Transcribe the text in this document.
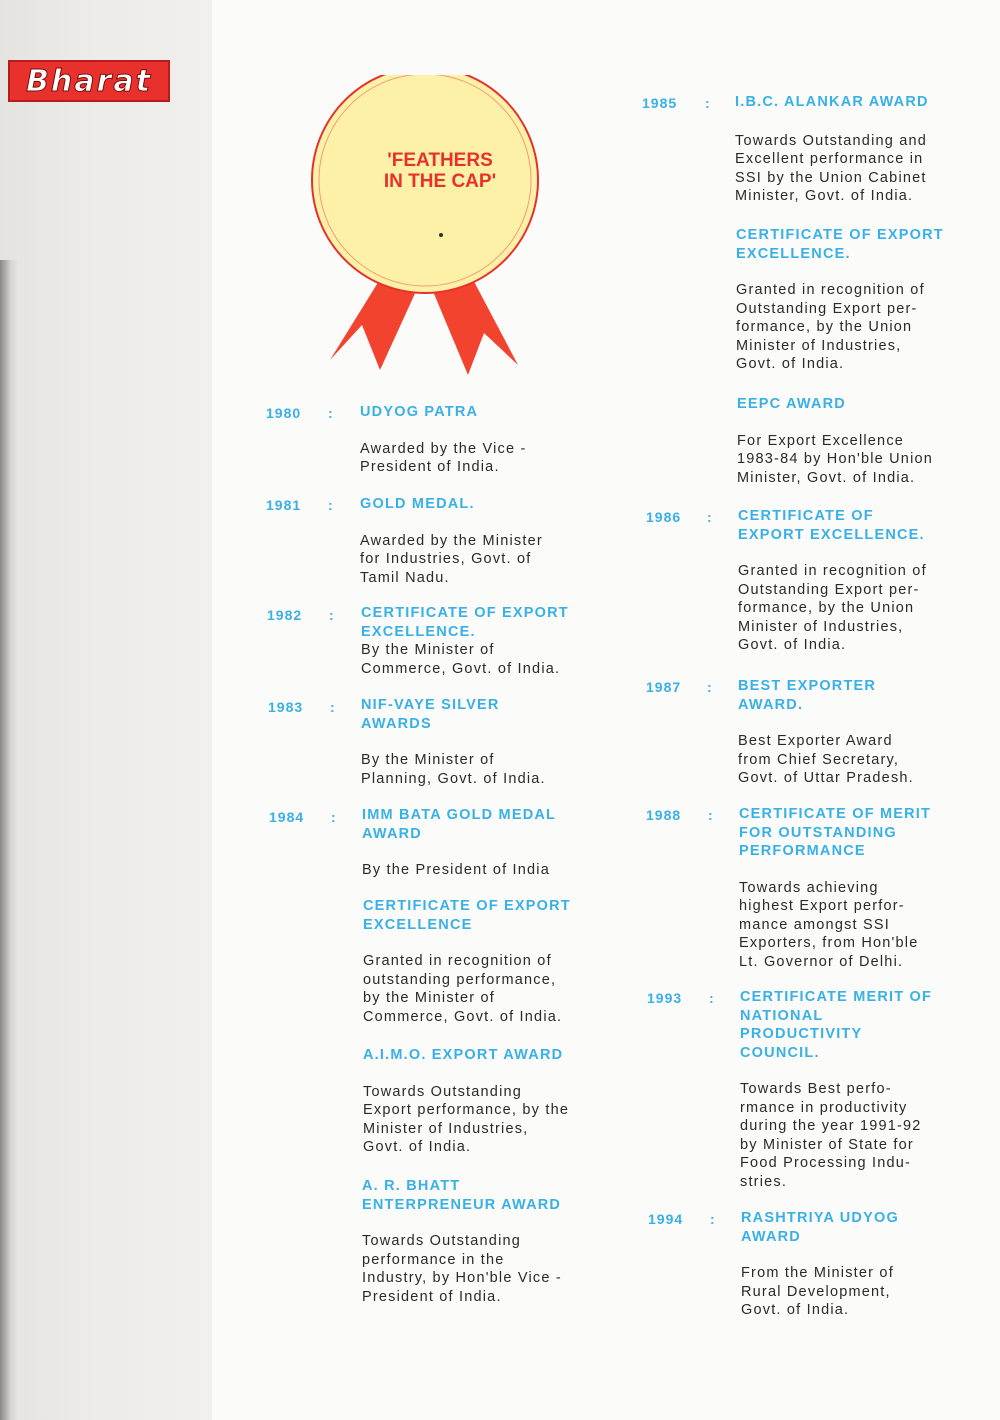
Bharat
'FEATHERS
IN THE CAP'
1980 : UDYOG PATRA
Awarded by the Vice -
President of India.
1981 : GOLD MEDAL.
Awarded by the Minister
for Industries, Govt. of
Tamil Nadu.
1982 : CERTIFICATE OF EXPORT
EXCELLENCE.
By the Minister of
Commerce, Govt. of India.
1983 : NIF-VAYE SILVER
AWARDS
By the Minister of
Planning, Govt. of India.
1984 : IMM BATA GOLD MEDAL
AWARD
By the President of India
CERTIFICATE OF EXPORT
EXCELLENCE
Granted in recognition of
outstanding performance,
by the Minister of
Commerce, Govt. of India.
A.I.M.O. EXPORT AWARD
Towards Outstanding
Export performance, by the
Minister of Industries,
Govt. of India.
A. R. BHATT
ENTERPRENEUR AWARD
Towards Outstanding
performance in the
Industry, by Hon'ble Vice -
President of India.
1985 : I.B.C. ALANKAR AWARD
Towards Outstanding and
Excellent performance in
SSI by the Union Cabinet
Minister, Govt. of India.
CERTIFICATE OF EXPORT
EXCELLENCE.
Granted in recognition of
Outstanding Export per-
formance, by the Union
Minister of Industries,
Govt. of India.
EEPC AWARD
For Export Excellence
1983-84 by Hon'ble Union
Minister, Govt. of India.
1986 : CERTIFICATE OF
EXPORT EXCELLENCE.
Granted in recognition of
Outstanding Export per-
formance, by the Union
Minister of Industries,
Govt. of India.
1987 : BEST EXPORTER
AWARD.
Best Exporter Award
from Chief Secretary,
Govt. of Uttar Pradesh.
1988 : CERTIFICATE OF MERIT
FOR OUTSTANDING
PERFORMANCE
Towards achieving
highest Export perfor-
mance amongst SSI
Exporters, from Hon'ble
Lt. Governor of Delhi.
1993 : CERTIFICATE MERIT OF
NATIONAL
PRODUCTIVITY
COUNCIL.
Towards Best perfo-
rmance in productivity
during the year 1991-92
by Minister of State for
Food Processing Indu-
stries.
1994 : RASHTRIYA UDYOG
AWARD
From the Minister of
Rural Development,
Govt. of India.
